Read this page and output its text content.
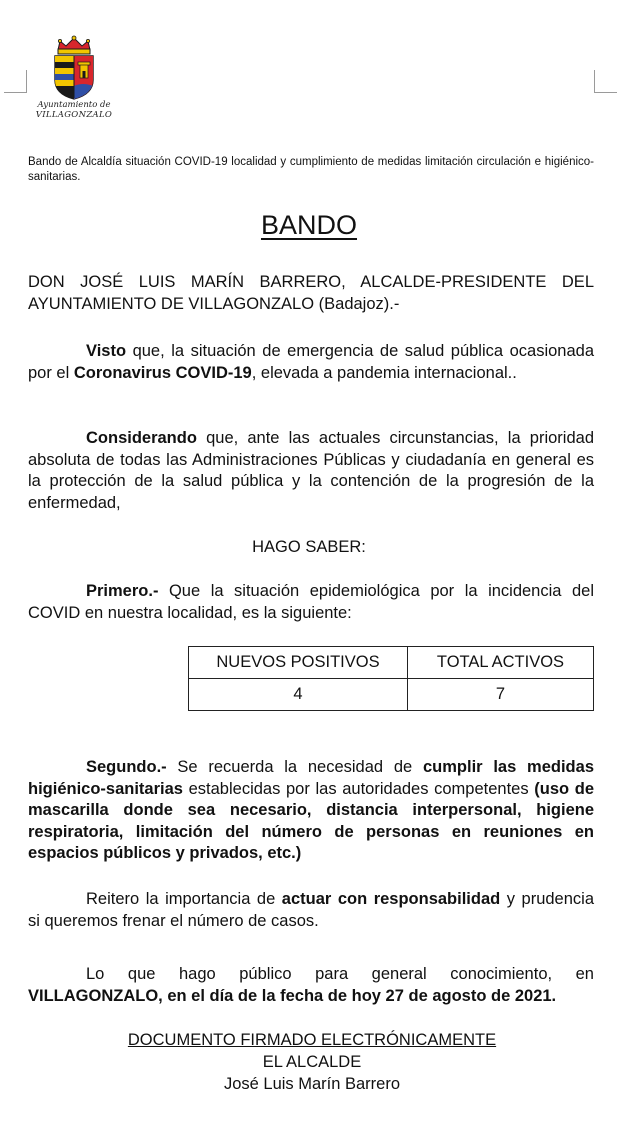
Ayuntamiento de
VILLAGONZALO
Bando de Alcaldía situación COVID-19 localidad y cumplimiento de medidas limitación circulación e higiénico-sanitarias.
BANDO
DON JOSÉ LUIS MARÍN BARRERO, ALCALDE-PRESIDENTE DEL AYUNTAMIENTO DE VILLAGONZALO (Badajoz).-
Visto que, la situación de emergencia de salud pública ocasionada por el Coronavirus COVID-19, elevada a pandemia internacional..
Considerando que, ante las actuales circunstancias, la prioridad absoluta de todas las Administraciones Públicas y ciudadanía en general es la protección de la salud pública y la contención de la progresión de la enfermedad,
HAGO SABER:
Primero.- Que la situación epidemiológica por la incidencia del COVID en nuestra localidad, es la siguiente:
NUEVOS POSITIVOS	TOTAL ACTIVOS
4	7
Segundo.- Se recuerda la necesidad de cumplir las medidas higiénico-sanitarias establecidas por las autoridades competentes (uso de mascarilla donde sea necesario, distancia interpersonal, higiene respiratoria, limitación del número de personas en reuniones en espacios públicos y privados, etc.)
Reitero la importancia de actuar con responsabilidad y prudencia si queremos frenar el número de casos.
Lo que hago público para general conocimiento, en VILLAGONZALO, en el día de la fecha de hoy 27 de agosto de 2021.
DOCUMENTO FIRMADO ELECTRÓNICAMENTE
EL ALCALDE
José Luis Marín Barrero
